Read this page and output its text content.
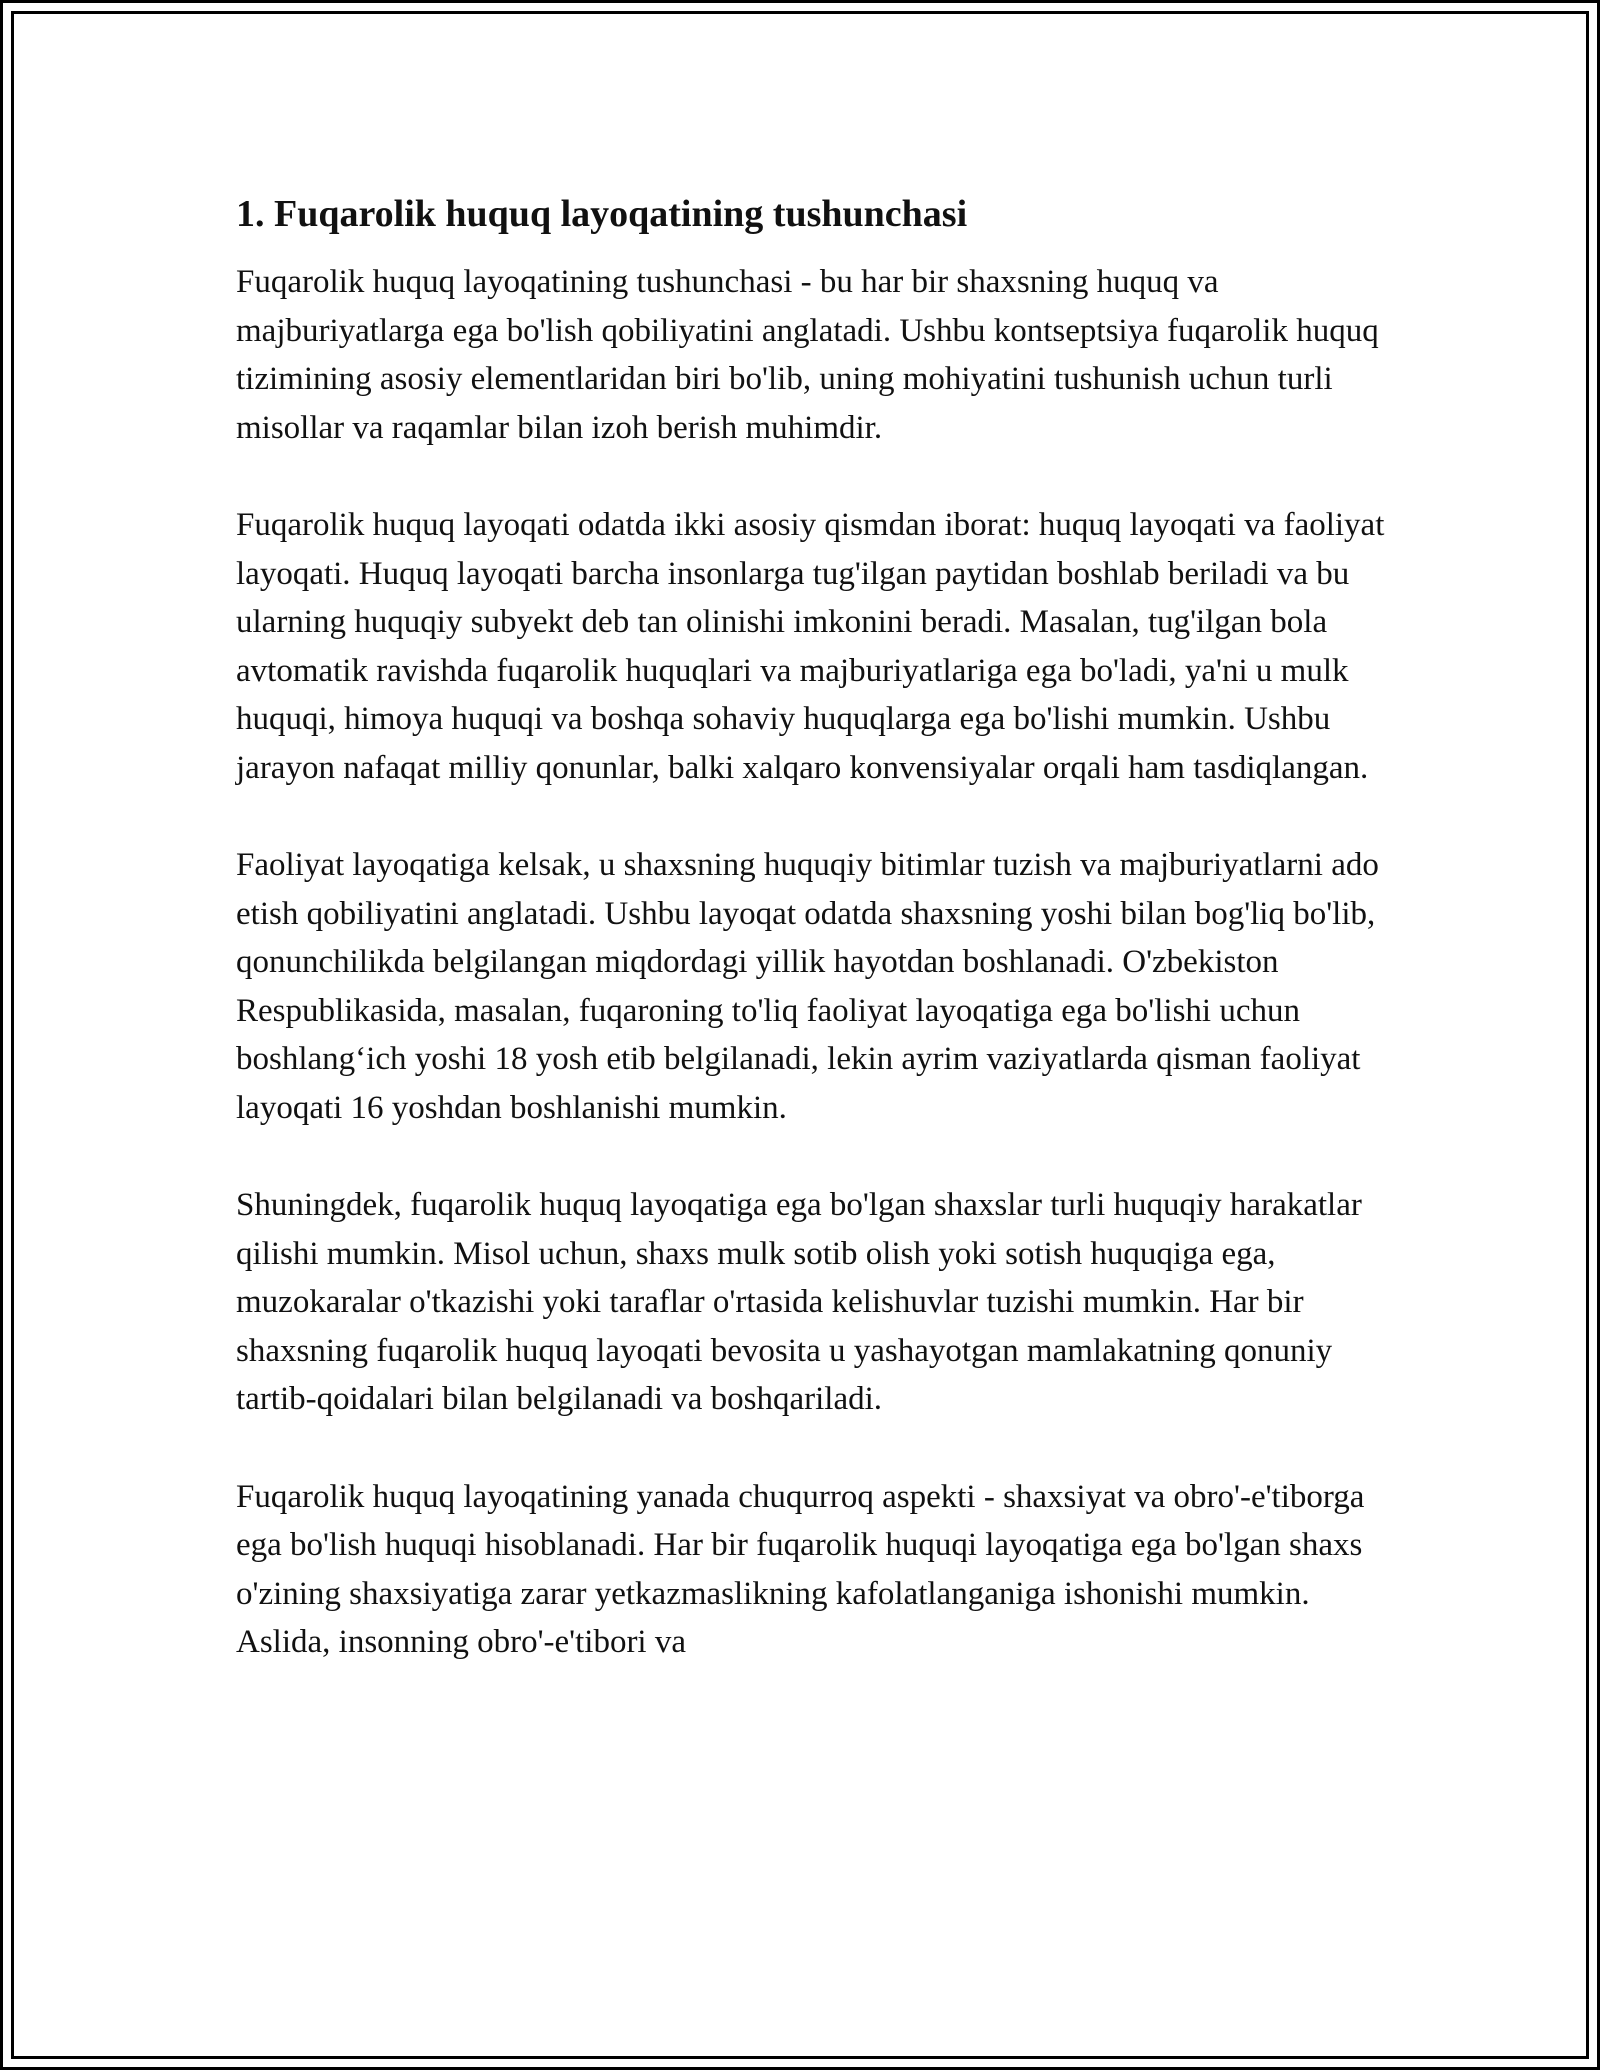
1. Fuqarolik huquq layoqatining tushunchasi

Fuqarolik huquq layoqatining tushunchasi - bu har bir shaxsning huquq va majburiyatlarga ega bo'lish qobiliyatini anglatadi. Ushbu kontseptsiya fuqarolik huquq tizimining asosiy elementlaridan biri bo'lib, uning mohiyatini tushunish uchun turli misollar va raqamlar bilan izoh berish muhimdir.

Fuqarolik huquq layoqati odatda ikki asosiy qismdan iborat: huquq layoqati va faoliyat layoqati. Huquq layoqati barcha insonlarga tug'ilgan paytidan boshlab beriladi va bu ularning huquqiy subyekt deb tan olinishi imkonini beradi. Masalan, tug'ilgan bola avtomatik ravishda fuqarolik huquqlari va majburiyatlariga ega bo'ladi, ya'ni u mulk huquqi, himoya huquqi va boshqa sohaviy huquqlarga ega bo'lishi mumkin. Ushbu jarayon nafaqat milliy qonunlar, balki xalqaro konvensiyalar orqali ham tasdiqlangan.

Faoliyat layoqatiga kelsak, u shaxsning huquqiy bitimlar tuzish va majburiyatlarni ado etish qobiliyatini anglatadi. Ushbu layoqat odatda shaxsning yoshi bilan bog'liq bo'lib, qonunchilikda belgilangan miqdordagi yillik hayotdan boshlanadi. O'zbekiston Respublikasida, masalan, fuqaroning to'liq faoliyat layoqatiga ega bo'lishi uchun boshlang‘ich yoshi 18 yosh etib belgilanadi, lekin ayrim vaziyatlarda qisman faoliyat layoqati 16 yoshdan boshlanishi mumkin.

Shuningdek, fuqarolik huquq layoqatiga ega bo'lgan shaxslar turli huquqiy harakatlar qilishi mumkin. Misol uchun, shaxs mulk sotib olish yoki sotish huquqiga ega, muzokaralar o'tkazishi yoki taraflar o'rtasida kelishuvlar tuzishi mumkin. Har bir shaxsning fuqarolik huquq layoqati bevosita u yashayotgan mamlakatning qonuniy tartib-qoidalari bilan belgilanadi va boshqariladi.

Fuqarolik huquq layoqatining yanada chuqurroq aspekti - shaxsiyat va obro'-e'tiborga ega bo'lish huquqi hisoblanadi. Har bir fuqarolik huquqi layoqatiga ega bo'lgan shaxs o'zining shaxsiyatiga zarar yetkazmaslikning kafolatlanganiga ishonishi mumkin. Aslida, insonning obro'-e'tibori va
